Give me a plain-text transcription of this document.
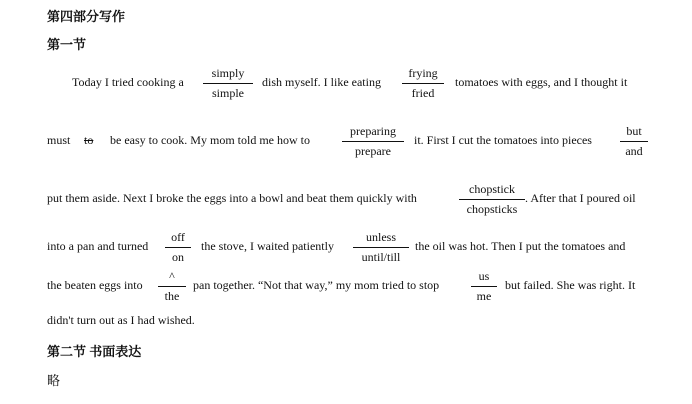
第四部分写作
第一节
Today I tried cooking a
simply
simple
dish myself. I like eating
frying
fried
tomatoes with eggs, and I thought it
must to be easy to cook. My mom told me how to
preparing
prepare
it. First I cut the tomatoes into pieces
but
and
put them aside. Next I broke the eggs into a bowl and beat them quickly with
chopstick
chopsticks
. After that I poured oil
into a pan and turned
off
on
the stove, I waited patiently
unless
until/till
the oil was hot. Then I put the tomatoes and
the beaten eggs into
^
the
pan together. “Not that way,” my mom tried to stop	$\frac{us}{me}$ but failed. She was right. It
didn't turn out as I had wished.
第二节 书面表达
略
